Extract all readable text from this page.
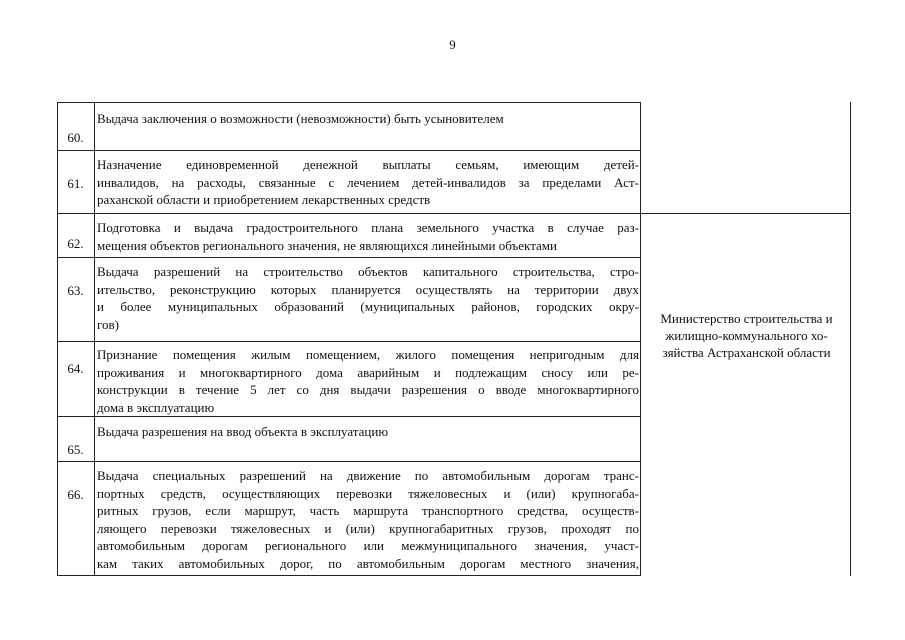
9
60.
Выдача заключения о возможности (невозможности) быть усыновителем
61.
Назначение единовременной денежной выплаты семьям, имеющим детей-
инвалидов, на расходы, связанные с лечением детей-инвалидов за пределами Аст-
раханской области и приобретением лекарственных средств
62.
Подготовка и выдача градостроительного плана земельного участка в случае раз-
мещения объектов регионального значения, не являющихся линейными объектами
63.
Выдача разрешений на строительство объектов капитального строительства, стро-
ительство, реконструкцию которых планируется осуществлять на территории двух
и более муниципальных образований (муниципальных районов, городских окру-
гов)
64.
Признание помещения жилым помещением, жилого помещения непригодным для
проживания и многоквартирного дома аварийным и подлежащим сносу или ре-
конструкции в течение 5 лет со дня выдачи разрешения о вводе многоквартирного
дома в эксплуатацию
65.
Выдача разрешения на ввод объекта в эксплуатацию
66.
Выдача специальных разрешений на движение по автомобильным дорогам транс-
портных средств, осуществляющих перевозки тяжеловесных и (или) крупногаба-
ритных грузов, если маршрут, часть маршрута транспортного средства, осуществ-
ляющего перевозки тяжеловесных и (или) крупногабаритных грузов, проходят по
автомобильным дорогам регионального или межмуниципального значения, участ-
кам таких автомобильных дорог, по автомобильным дорогам местного значения,
Министерство строительства и
жилищно-коммунального хо-
зяйства Астраханской области
